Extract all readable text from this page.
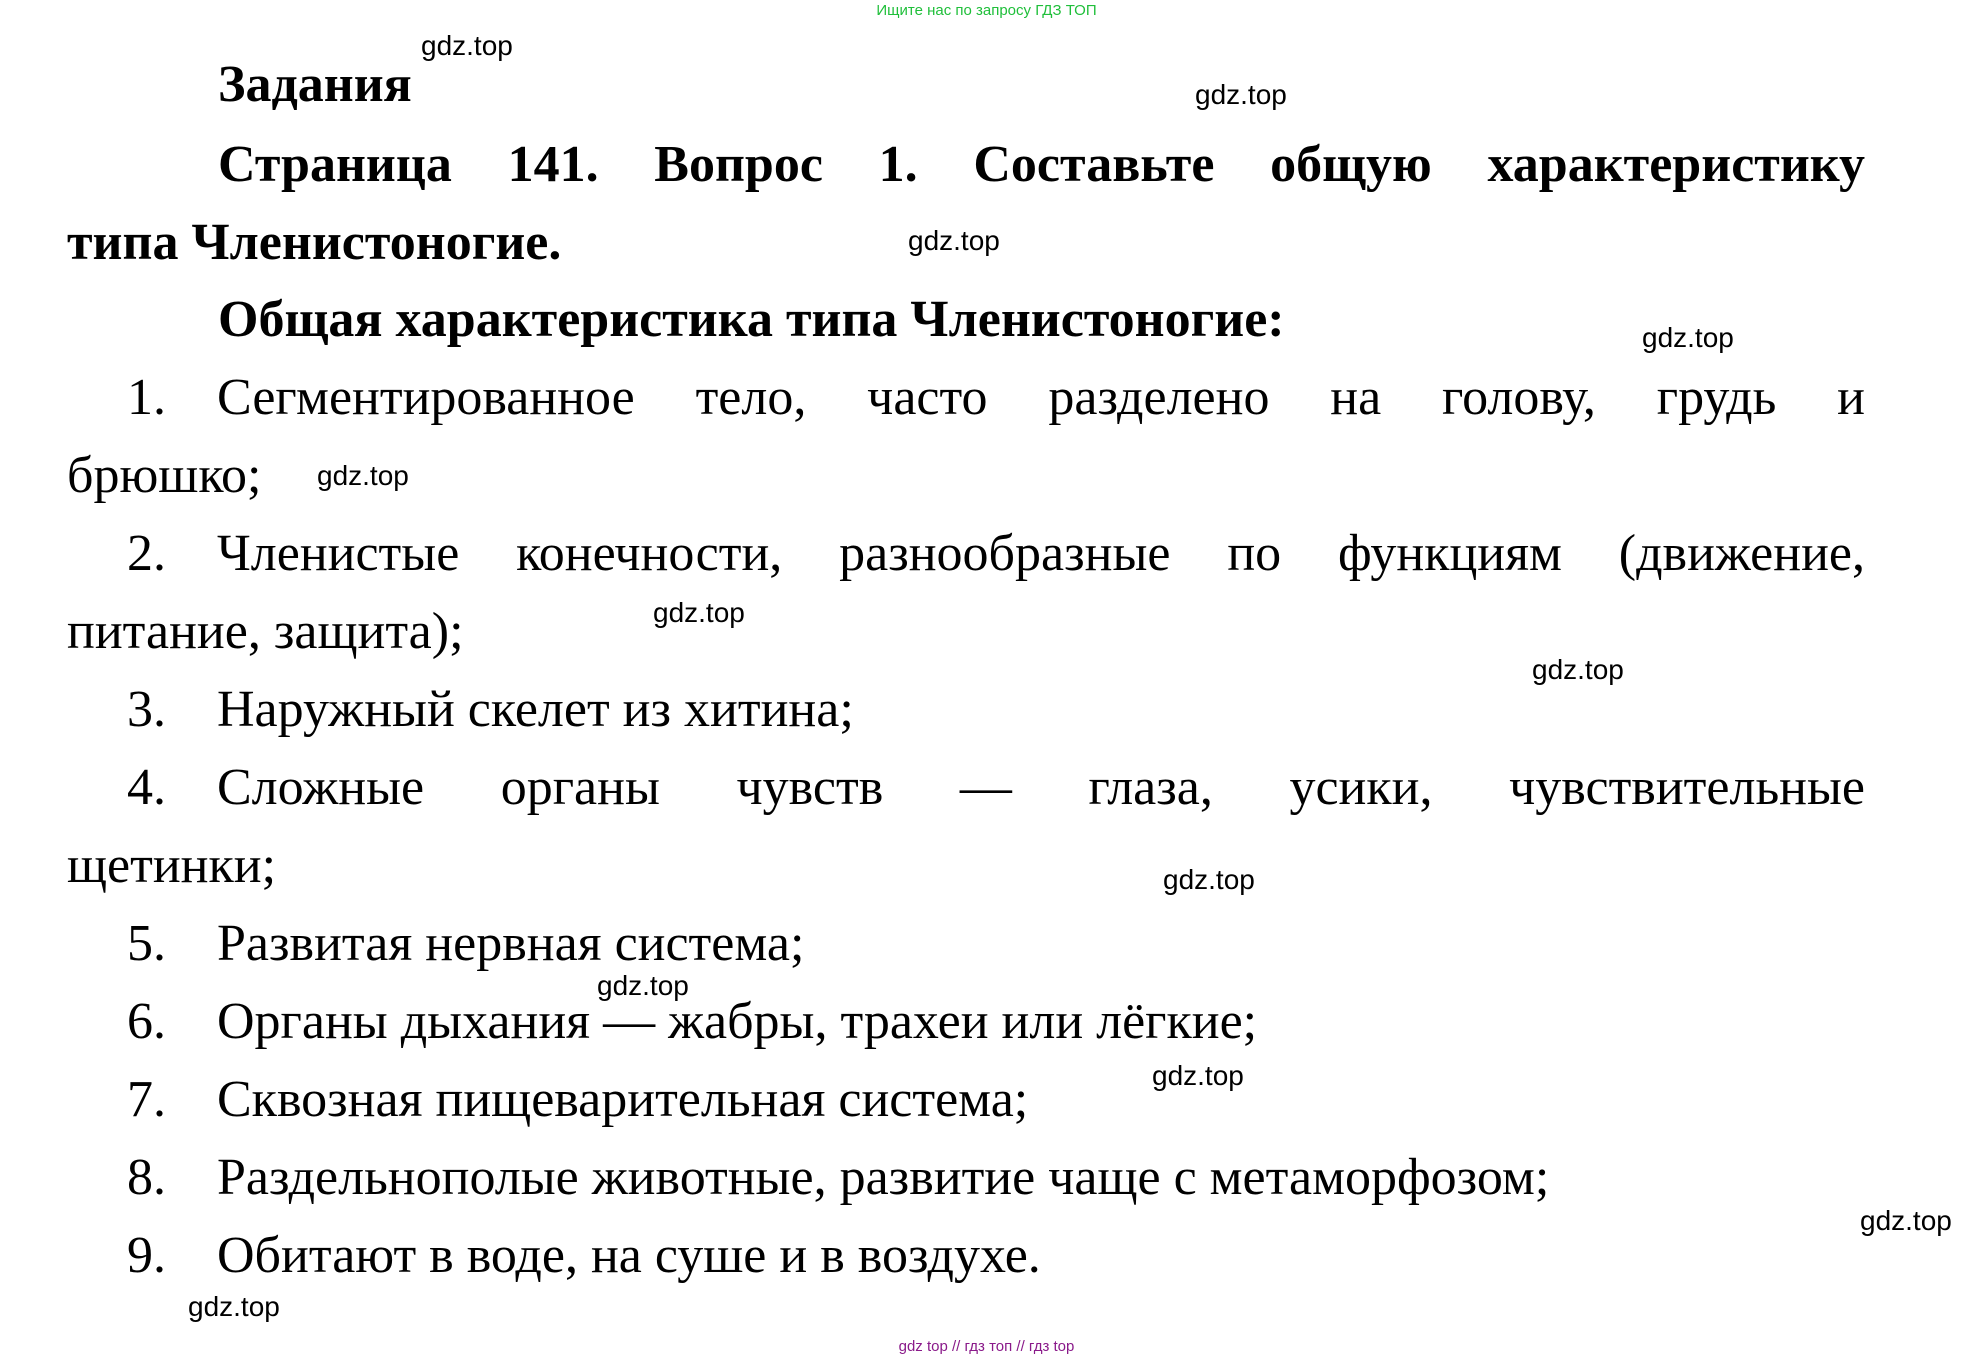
Ищите нас по запросу ГДЗ ТОП
Задания
Страница 141. Вопрос 1. Составьте общую характеристику
типа Членистоногие.
Общая характеристика типа Членистоногие:
1. Сегментированное тело, часто разделено на голову, грудь и
брюшко;
2. Членистые конечности, разнообразные по функциям (движение,
питание, защита);
3. Наружный скелет из хитина;
4. Сложные органы чувств — глаза, усики, чувствительные
щетинки;
5. Развитая нервная система;
6. Органы дыхания — жабры, трахеи или лёгкие;
7. Сквозная пищеварительная система;
8. Раздельнополые животные, развитие чаще с метаморфозом;
9. Обитают в воде, на суше и в воздухе.
gdz.top
gdz.top
gdz.top
gdz.top
gdz.top
gdz.top
gdz.top
gdz.top
gdz.top
gdz.top
gdz.top
gdz.top
gdz top // гдз топ // гдз top
